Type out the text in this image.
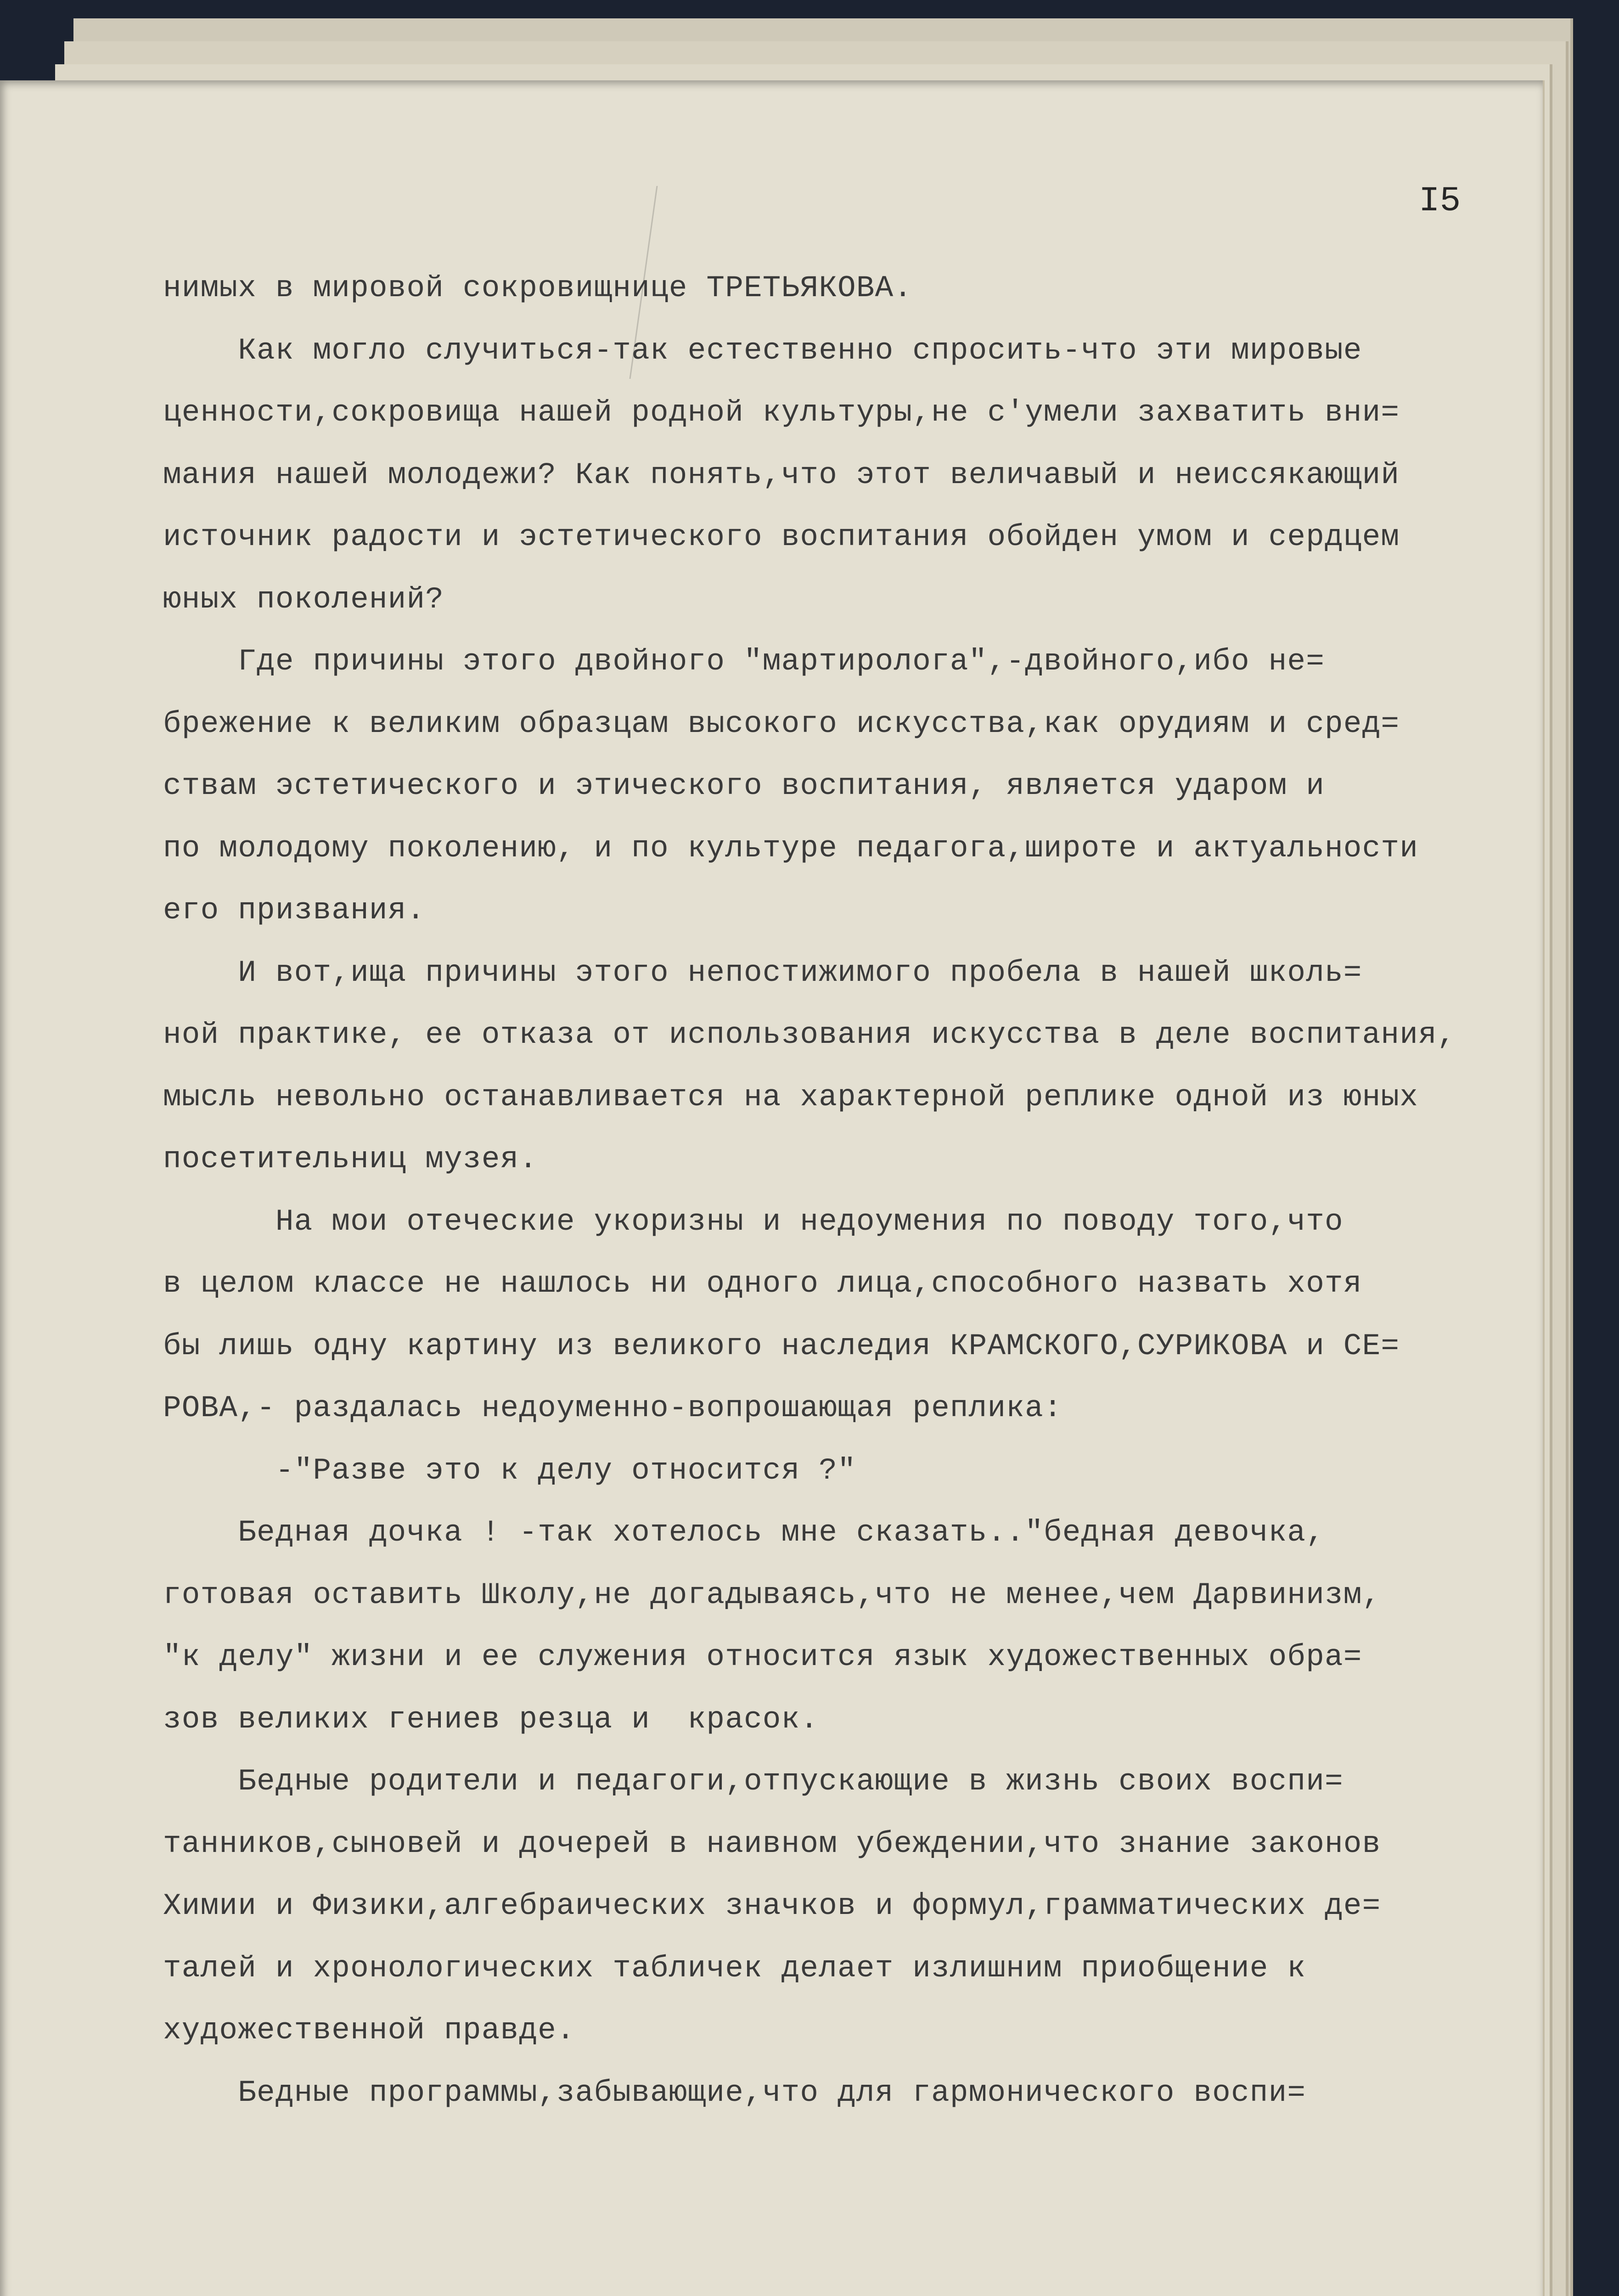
I5
нимых в мировой сокровищнице ТРЕТЬЯКОВА.
Как могло случиться-так естественно спросить-что эти мировые
ценности,сокровища нашей родной культуры,не с'умели захватить вни=
мания нашей молодежи? Как понять,что этот величавый и неиссякающий
источник радости и эстетического воспитания обойден умом и сердцем
юных поколений?
Где причины этого двойного "мартиролога",-двойного,ибо не=
брежение к великим образцам высокого искусства,как орудиям и сред=
ствам эстетического и этического воспитания, является ударом и
по молодому поколению, и по культуре педагога,широте и актуальности
его призвания.
И вот,ища причины этого непостижимого пробела в нашей школь=
ной практике, ее отказа от использования искусства в деле воспитания,
мысль невольно останавливается на характерной реплике одной из юных
посетительниц музея.
На мои отеческие укоризны и недоумения по поводу того,что
в целом классе не нашлось ни одного лица,способного назвать хотя
бы лишь одну картину из великого наследия КРАМСКОГО,СУРИКОВА и СЕ=
РОВА,- раздалась недоуменно-вопрошающая реплика:
-"Разве это к делу относится ?"
Бедная дочка ! -так хотелось мне сказать.."бедная девочка,
готовая оставить Школу,не догадываясь,что не менее,чем Дарвинизм,
"к делу" жизни и ее служения относится язык художественных обра=
зов великих гениев резца и  красок.
Бедные родители и педагоги,отпускающие в жизнь своих воспи=
танников,сыновей и дочерей в наивном убеждении,что знание законов
Химии и Физики,алгебраических значков и формул,грамматических де=
талей и хронологических табличек делает излишним приобщение к
художественной правде.
Бедные программы,забывающие,что для гармонического воспи=
